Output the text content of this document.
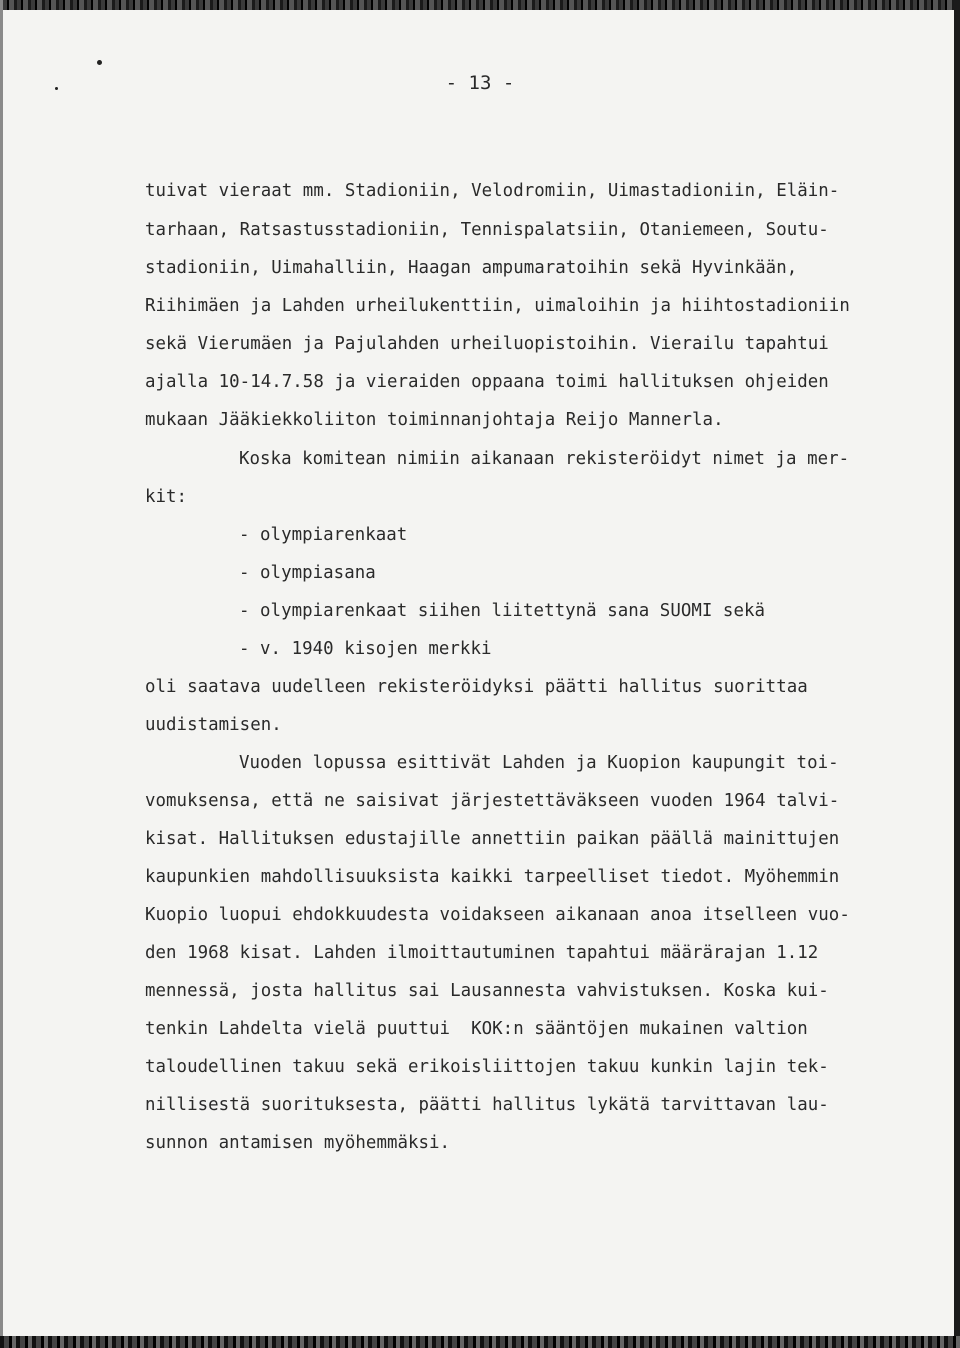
- 13 -
tuivat vieraat mm. Stadioniin, Velodromiin, Uimastadioniin, Eläin-
tarhaan, Ratsastusstadioniin, Tennispalatsiin, Otaniemeen, Soutu-
stadioniin, Uimahalliin, Haagan ampumaratoihin sekä Hyvinkään,
Riihimäen ja Lahden urheilukenttiin, uimaloihin ja hiihtostadioniin
sekä Vierumäen ja Pajulahden urheiluopistoihin. Vierailu tapahtui
ajalla 10-14.7.58 ja vieraiden oppaana toimi hallituksen ohjeiden
mukaan Jääkiekkoliiton toiminnanjohtaja Reijo Mannerla.
Koska komitean nimiin aikanaan rekisteröidyt nimet ja mer-
kit:
- olympiarenkaat
- olympiasana
- olympiarenkaat siihen liitettynä sana SUOMI sekä
- v. 1940 kisojen merkki
oli saatava uudelleen rekisteröidyksi päätti hallitus suorittaa
uudistamisen.
Vuoden lopussa esittivät Lahden ja Kuopion kaupungit toi-
vomuksensa, että ne saisivat järjestettäväkseen vuoden 1964 talvi-
kisat. Hallituksen edustajille annettiin paikan päällä mainittujen
kaupunkien mahdollisuuksista kaikki tarpeelliset tiedot. Myöhemmin
Kuopio luopui ehdokkuudesta voidakseen aikanaan anoa itselleen vuo-
den 1968 kisat. Lahden ilmoittautuminen tapahtui määrärajan 1.12
mennessä, josta hallitus sai Lausannesta vahvistuksen. Koska kui-
tenkin Lahdelta vielä puuttui  KOK:n sääntöjen mukainen valtion
taloudellinen takuu sekä erikoisliittojen takuu kunkin lajin tek-
nillisestä suorituksesta, päätti hallitus lykätä tarvittavan lau-
sunnon antamisen myöhemmäksi.
